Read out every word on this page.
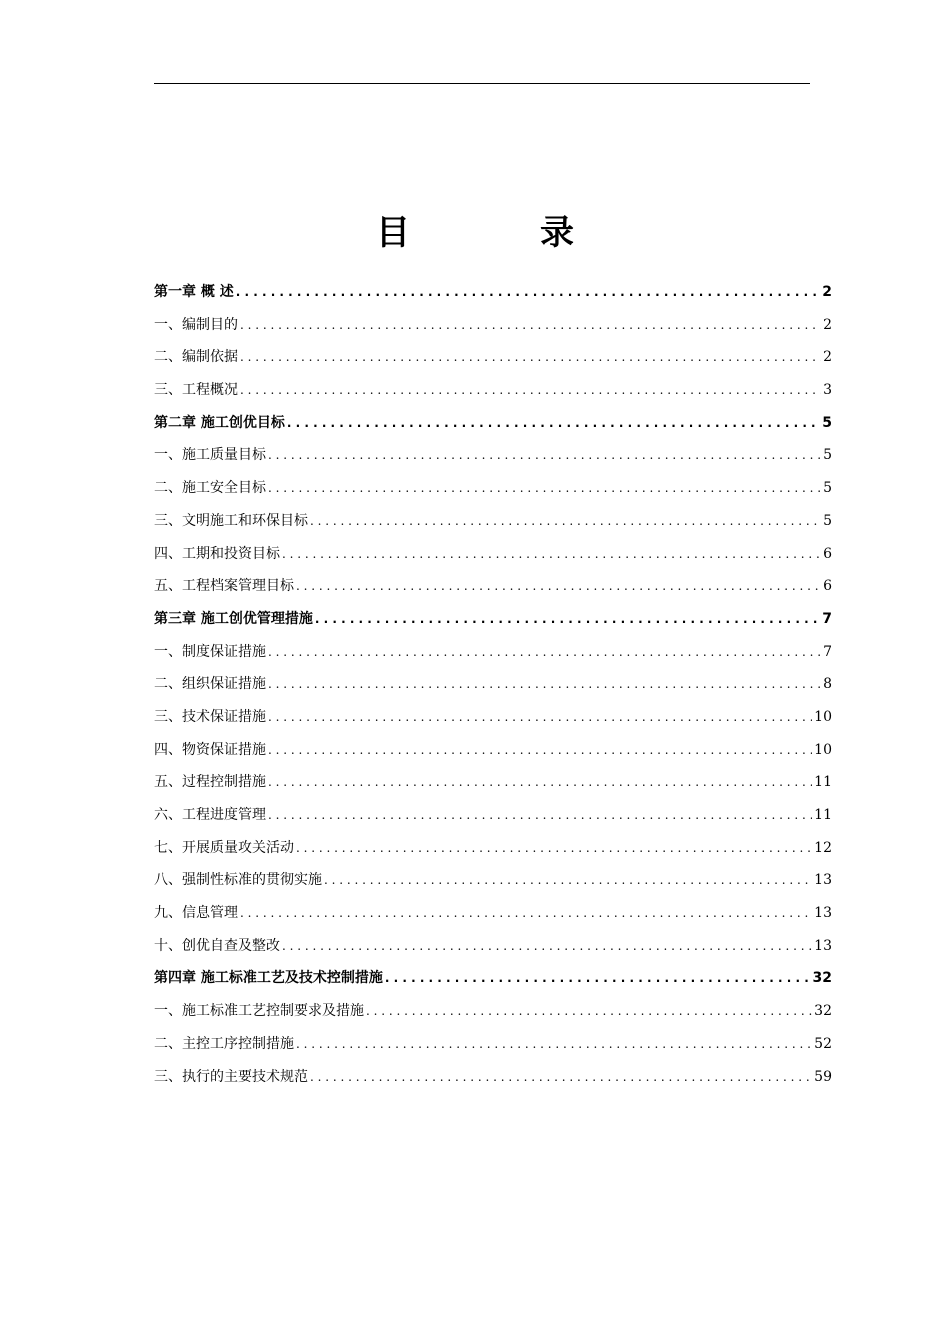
目　录
第一章 概 述 . . .	2
一、编制目的 . . .	2
二、编制依据 . . .	2
三、工程概况 . . .	3
第二章 施工创优目标 . . .	5
一、施工质量目标 . . .	5
二、施工安全目标 . . .	5
三、文明施工和环保目标 . . .	5
四、工期和投资目标 . . .	6
五、工程档案管理目标 . . .	6
第三章 施工创优管理措施 . . .	7
一、制度保证措施 . . .	7
二、组织保证措施 . . .	8
三、技术保证措施 . . .	10
四、物资保证措施 . . .	10
五、过程控制措施 . . .	11
六、工程进度管理 . . .	11
七、开展质量攻关活动 . . .	12
八、强制性标准的贯彻实施 . . .	13
九、信息管理 . . .	13
十、创优自查及整改 . . .	13
第四章 施工标准工艺及技术控制措施 . . .	32
一、施工标准工艺控制要求及措施 . . .	32
二、主控工序控制措施 . . .	52
三、执行的主要技术规范 . . .	59
